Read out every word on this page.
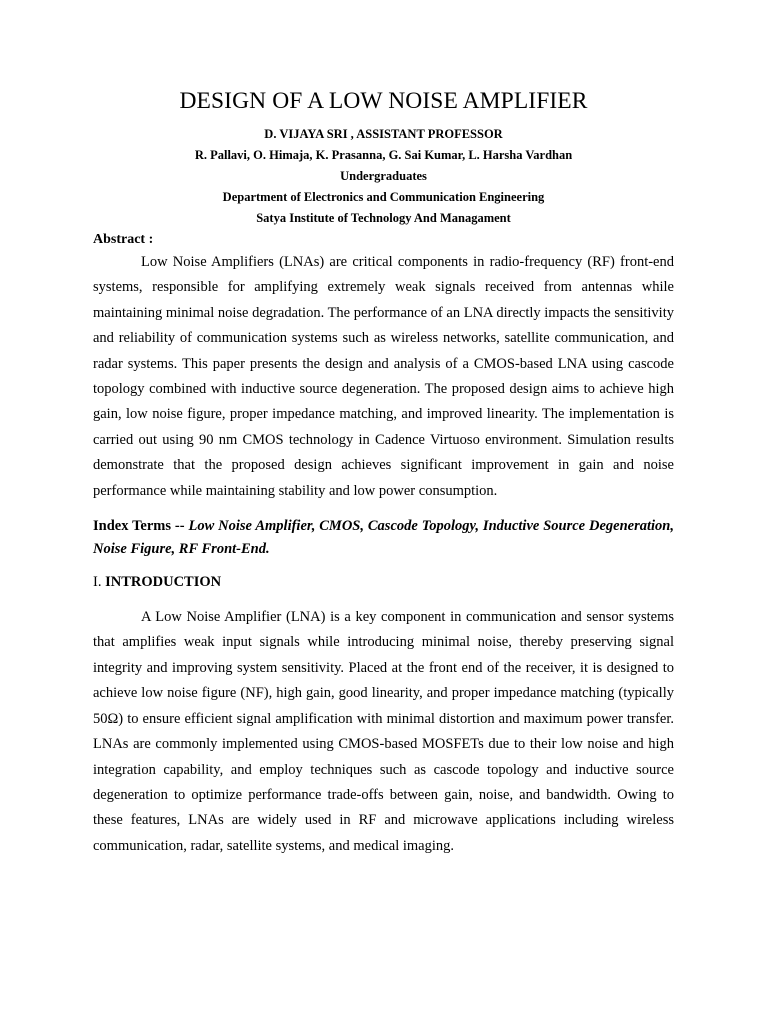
DESIGN OF A LOW NOISE AMPLIFIER

D. VIJAYA SRI , ASSISTANT PROFESSOR

R. Pallavi, O. Himaja, K. Prasanna, G. Sai Kumar, L. Harsha Vardhan

Undergraduates

Department of Electronics and Communication Engineering

Satya Institute of Technology And Managament

Abstract :

Low Noise Amplifiers (LNAs) are critical components in radio-frequency (RF) front-end systems, responsible for amplifying extremely weak signals received from antennas while maintaining minimal noise degradation. The performance of an LNA directly impacts the sensitivity and reliability of communication systems such as wireless networks, satellite communication, and radar systems. This paper presents the design and analysis of a CMOS-based LNA using cascode topology combined with inductive source degeneration. The proposed design aims to achieve high gain, low noise figure, proper impedance matching, and improved linearity. The implementation is carried out using 90 nm CMOS technology in Cadence Virtuoso environment. Simulation results demonstrate that the proposed design achieves significant improvement in gain and noise performance while maintaining stability and low power consumption.

Index Terms -- Low Noise Amplifier, CMOS, Cascode Topology, Inductive Source Degeneration, Noise Figure, RF Front-End.

I. INTRODUCTION

A Low Noise Amplifier (LNA) is a key component in communication and sensor systems that amplifies weak input signals while introducing minimal noise, thereby preserving signal integrity and improving system sensitivity. Placed at the front end of the receiver, it is designed to achieve low noise figure (NF), high gain, good linearity, and proper impedance matching (typically 50Ω) to ensure efficient signal amplification with minimal distortion and maximum power transfer. LNAs are commonly implemented using CMOS-based MOSFETs due to their low noise and high integration capability, and employ techniques such as cascode topology and inductive source degeneration to optimize performance trade-offs between gain, noise, and bandwidth. Owing to these features, LNAs are widely used in RF and microwave applications including wireless communication, radar, satellite systems, and medical imaging.
